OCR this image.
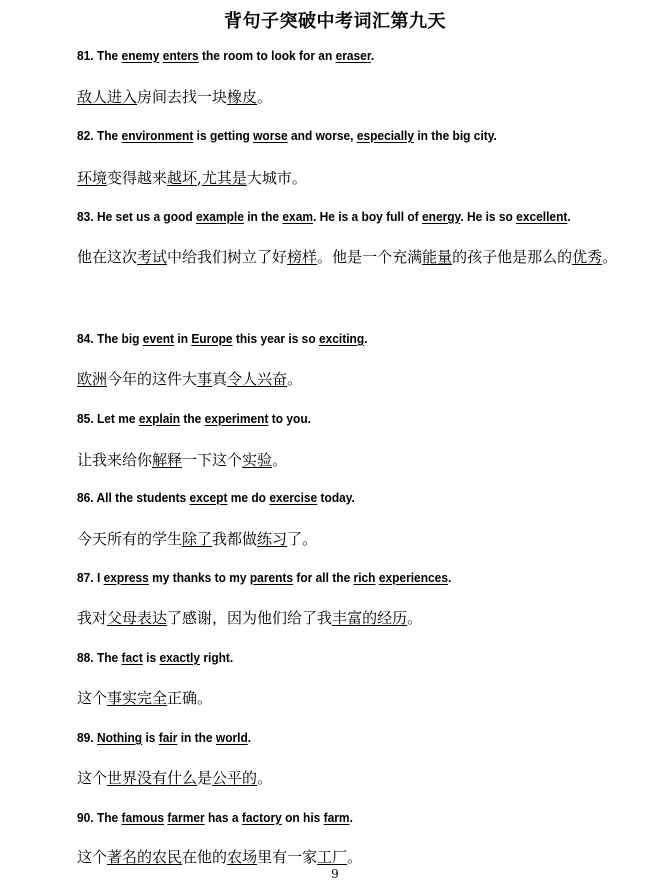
背句子突破中考词汇第九天
81. The enemy enters the room to look for an eraser.
敌人进入房间去找一块橡皮。
82. The environment is getting worse and worse, especially in the big city.
环境变得越来越坏,尤其是大城市。
83. He set us a good example in the exam. He is a boy full of energy. He is so excellent.
他在这次考试中给我们树立了好榜样。他是一个充满能量的孩子他是那么的优秀。
84. The big event in Europe this year is so exciting.
欧洲今年的这件大事真令人兴奋。
85. Let me explain the experiment to you.
让我来给你解释一下这个实验。
86. All the students except me do exercise today.
今天所有的学生除了我都做练习了。
87. I express my thanks to my parents for all the rich experiences.
我对父母表达了感谢，因为他们给了我丰富的经历。
88. The fact is exactly right.
这个事实完全正确。
89. Nothing is fair in the world.
这个世界没有什么是公平的。
90. The famous farmer has a factory on his farm.
这个著名的农民在他的农场里有一家工厂。
9
